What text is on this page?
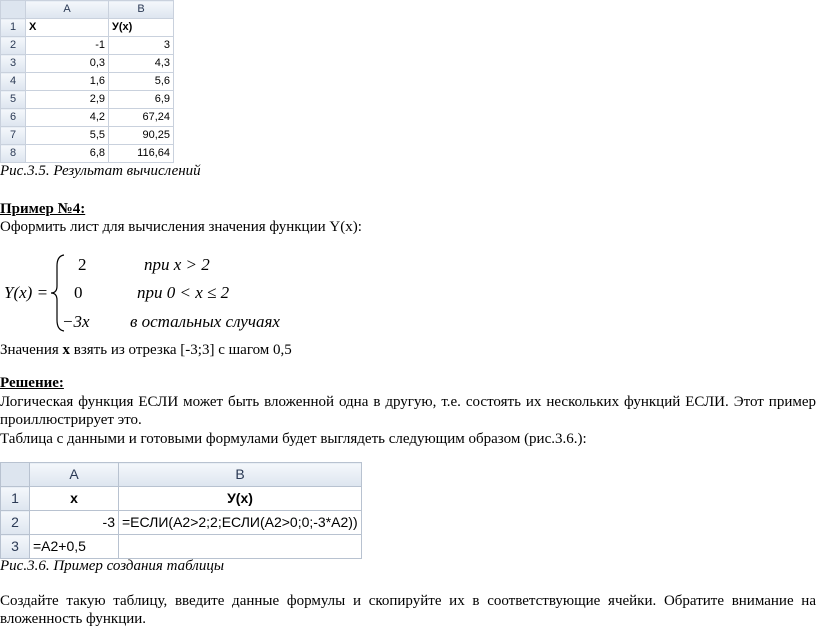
	A	B
1	X	У(х)
2	-1	3
3	0,3	4,3
4	1,6	5,6
5	2,9	6,9
6	4,2	67,24
7	5,5	90,25
8	6,8	116,64
Рис.3.5. Результат вычислений
Пример №4:
Оформить лист для вычисления значения функции Y(x):
Y(x) =
2	при x > 2
0	при 0 < x ≤ 2
−3x в остальных случаях
Значения x взять из отрезка [-3;3] с шагом 0,5
Решение:
Логическая функция ЕСЛИ может быть вложенной одна в другую, т.е. состоять их нескольких функций ЕСЛИ. Этот пример проиллюстрирует это.
Таблица с данными и готовыми формулами будет выглядеть следующим образом (рис.3.6.):
	A	B
1	x	У(х)
2	-3	=ЕСЛИ(A2>2;2;ЕСЛИ(A2>0;0;-3*A2))
3	=A2+0,5	
Рис.3.6. Пример создания таблицы
Создайте такую таблицу, введите данные формулы и скопируйте их в соответствующие ячейки. Обратите внимание на вложенность функции.
